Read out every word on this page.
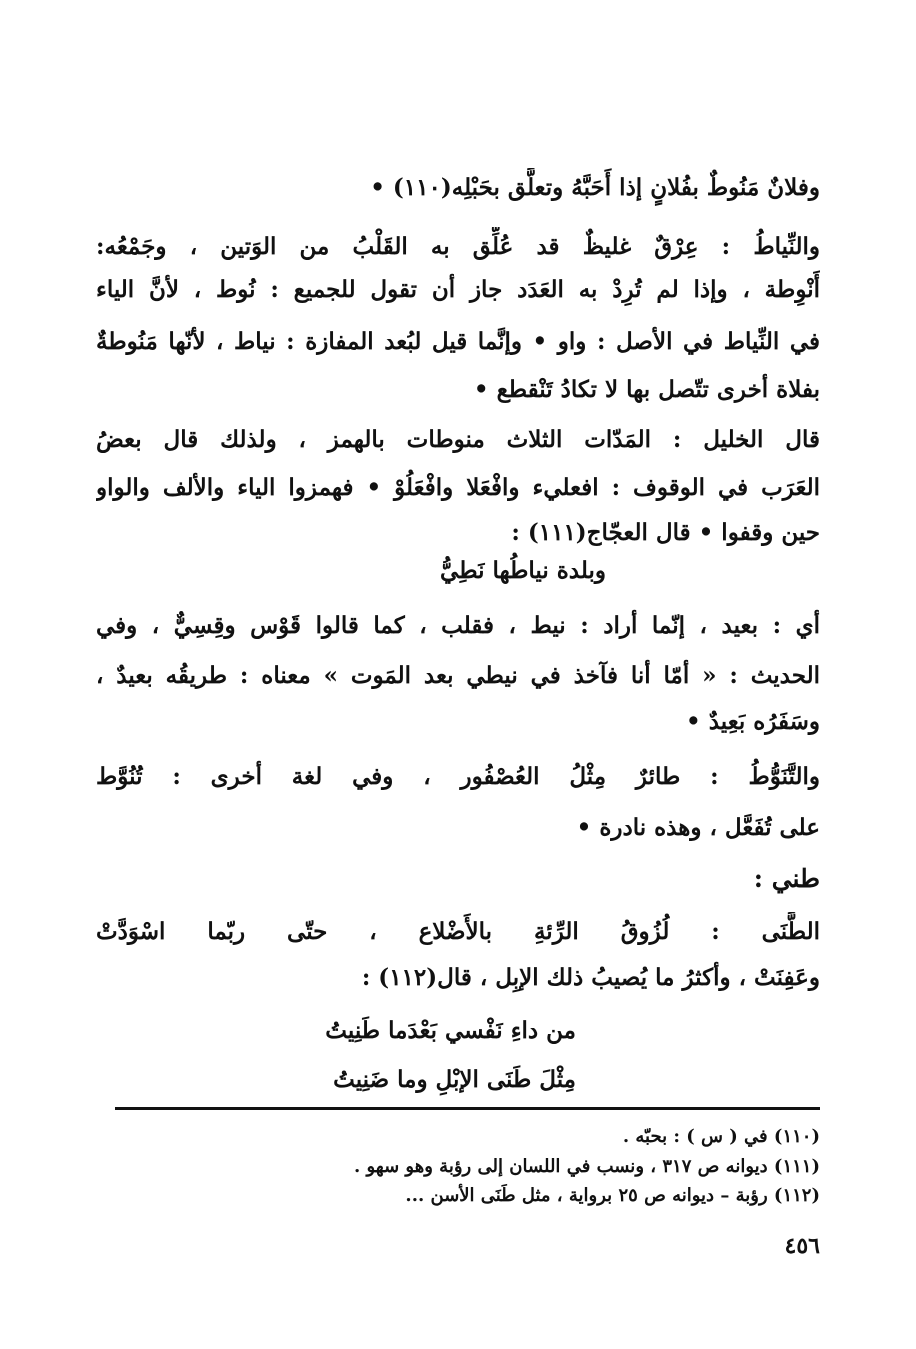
وفلانٌ مَنُوطٌ بفُلانٍ إذا أَحَبَّهُ وتعلَّق بحَبْلِه(١١٠) •
والنِّياطُ : عِرْقٌ غليظٌ قد عُلِّق به القَلْبُ من الوَتين ، وجَمْعُه:
أَنْوِطة ، وإذا لم تُرِدْ به العَدَد جاز أن تقول للجميع : نُوط ، لأنَّ الياء
في النِّياط في الأصل : واو • وإنَّما قيل لبُعد المفازة : نياط ، لأنّها مَنُوطةٌ
بفلاة أخرى تتّصل بها لا تكادُ تَنْقطع •
قال الخليل : المَدّات الثلاث منوطات بالهمز ، ولذلك قال بعضُ
العَرَب في الوقوف : افعليء وافْعَلا وافْعَلُوْ • فهمزوا الياء والألف والواو
حين وقفوا • قال العجّاج(١١١) :
وبلدة نياطُها نَطِيُّ
أي : بعيد ، إنّما أراد : نيط ، فقلب ، كما قالوا قَوْس وقِسِيٌّ ، وفي
الحديث : « أمّا أنا فآخذ في نيطي بعد المَوت » معناه : طريقُه بعيدٌ ،
وسَفَرُه بَعِيدٌ •
والتَّنَوُّطُ : طائرٌ مِثْلُ العُصْفُور ، وفي لغة أخرى : تُنُوَّط
على تُفَعَّل ، وهذه نادرة •
طني :
الطَّنَى : لُزُوقُ الرِّئةِ بالأَضْلاع ، حتّى ربّما اسْوَدَّتْ
وعَفِنَتْ ، وأكثرُ ما يُصيبُ ذلك الإبِل ، قال(١١٢) :
من داءِ نَفْسي بَعْدَما طَنِيتُ
مِثْلَ طَنَى الإبْلِ وما ضَنِيتُ
(١١٠) في ( س ) : بحبّه .
(١١١) ديوانه ص ٣١٧ ، ونسب في اللسان إلى رؤبة وهو سهو .
(١١٢) رؤبة – ديوانه ص ٢٥ برواية ، مثل طَنَى الأسن ...
٤٥٦
